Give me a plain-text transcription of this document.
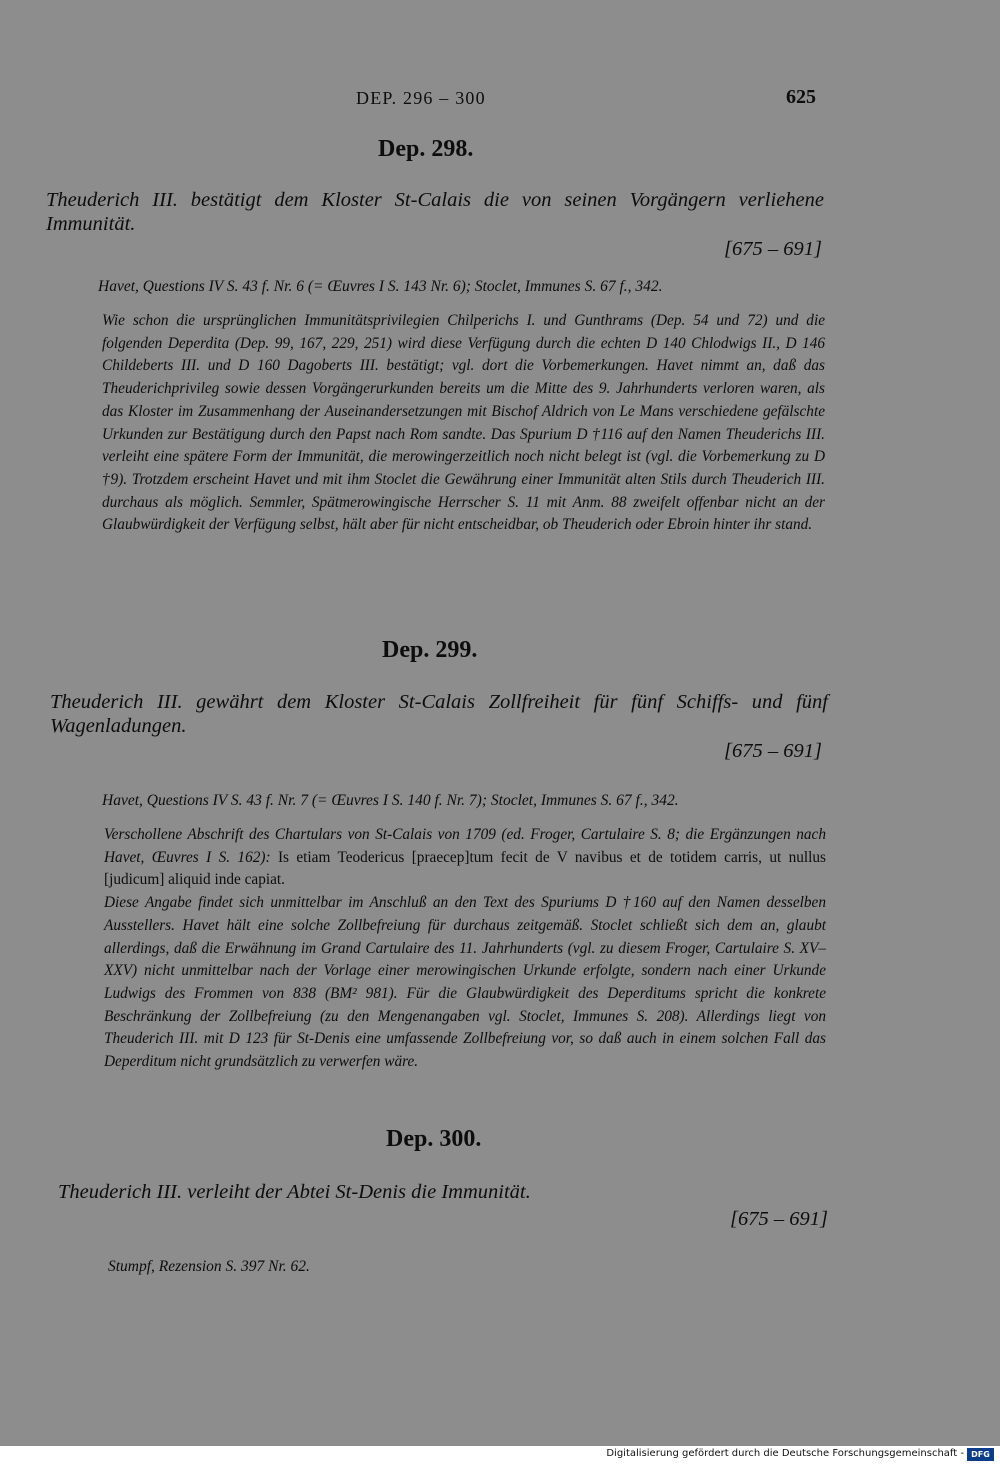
DEP. 296 – 300	625
Dep. 298.
Theuderich III. bestätigt dem Kloster St-Calais die von seinen Vorgängern verliehene Immunität.
[675 – 691]
Havet, Questions IV S. 43 f. Nr. 6 (= Œuvres I S. 143 Nr. 6); Stoclet, Immunes S. 67 f., 342.

Wie schon die ursprünglichen Immunitätsprivilegien Chilperichs I. und Gunthrams (Dep. 54 und 72) und die folgenden Deperdita (Dep. 99, 167, 229, 251) wird diese Verfügung durch die echten D 140 Chlodwigs II., D 146 Childeberts III. und D 160 Dagoberts III. bestätigt; vgl. dort die Vorbemerkungen. Havet nimmt an, daß das Theuderichprivileg sowie dessen Vorgängerurkunden bereits um die Mitte des 9. Jahrhunderts verloren waren, als das Kloster im Zusammenhang der Auseinandersetzungen mit Bischof Aldrich von Le Mans verschiedene gefälschte Urkunden zur Bestätigung durch den Papst nach Rom sandte. Das Spurium D †116 auf den Namen Theuderichs III. verleiht eine spätere Form der Immunität, die merowingerzeitlich noch nicht belegt ist (vgl. die Vorbemerkung zu D †9). Trotzdem erscheint Havet und mit ihm Stoclet die Gewährung einer Immunität alten Stils durch Theuderich III. durchaus als möglich. Semmler, Spätmerowingische Herrscher S. 11 mit Anm. 88 zweifelt offenbar nicht an der Glaubwürdigkeit der Verfügung selbst, hält aber für nicht entscheidbar, ob Theuderich oder Ebroin hinter ihr stand.

Dep. 299.
Theuderich III. gewährt dem Kloster St-Calais Zollfreiheit für fünf Schiffs- und fünf Wagenladungen.
[675 – 691]
Havet, Questions IV S. 43 f. Nr. 7 (= Œuvres I S. 140 f. Nr. 7); Stoclet, Immunes S. 67 f., 342.

Verschollene Abschrift des Chartulars von St-Calais von 1709 (ed. Froger, Cartulaire S. 8; die Ergänzungen nach Havet, Œuvres I S. 162): Is etiam Teodericus [praecep]tum fecit de V navibus et de totidem carris, ut nullus [judicum] aliquid inde capiat.

Diese Angabe findet sich unmittelbar im Anschluß an den Text des Spuriums D †160 auf den Namen desselben Ausstellers. Havet hält eine solche Zollbefreiung für durchaus zeitgemäß. Stoclet schließt sich dem an, glaubt allerdings, daß die Erwähnung im Grand Cartulaire des 11. Jahrhunderts (vgl. zu diesem Froger, Cartulaire S. XV–XXV) nicht unmittelbar nach der Vorlage einer merowingischen Urkunde erfolgte, sondern nach einer Urkunde Ludwigs des Frommen von 838 (BM² 981). Für die Glaubwürdigkeit des Deperditums spricht die konkrete Beschränkung der Zollbefreiung (zu den Mengenangaben vgl. Stoclet, Immunes S. 208). Allerdings liegt von Theuderich III. mit D 123 für St-Denis eine umfassende Zollbefreiung vor, so daß auch in einem solchen Fall das Deperditum nicht grundsätzlich zu verwerfen wäre.

Dep. 300.
Theuderich III. verleiht der Abtei St-Denis die Immunität.
[675 – 691]
Stumpf, Rezension S. 397 Nr. 62.
Digitalisierung gefördert durch die Deutsche Forschungsgemeinschaft - DFG
